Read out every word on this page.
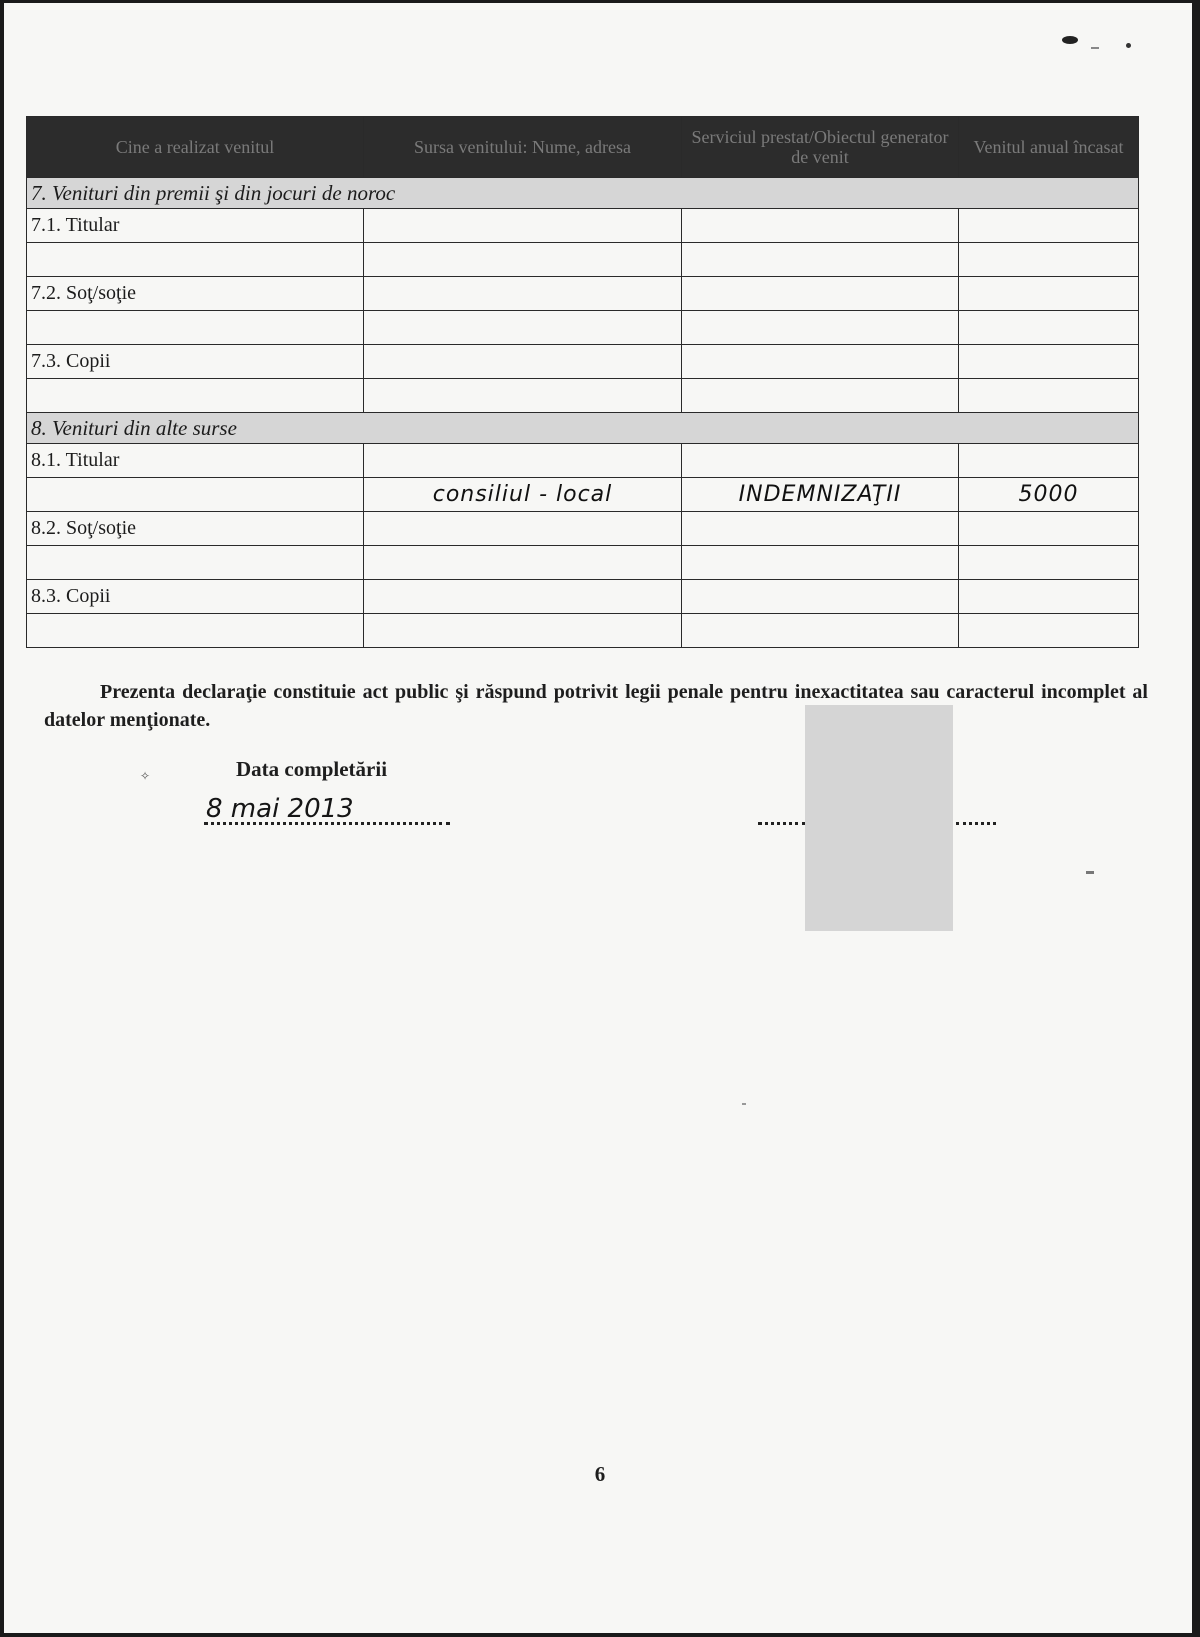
✧
Cine a realizat venitul	Sursa venitului: Nume, adresa	Serviciul prestat/Obiectul generator de venit	Venitul anual încasat
7. Venituri din premii şi din jocuri de noroc			
7.1. Titular			

7.2. Soţ/soţie			

7.3. Copii			

8. Venituri din alte surse			
8.1. Titular			
	consiliul - local	INDEMNIZAŢII	5000
8.2. Soţ/soţie			

8.3. Copii			

Prezenta declaraţie constituie act public şi răspund potrivit legii penale pentru inexactitatea sau caracterul incomplet al datelor menţionate.
Data completării
8 mai 2013
6
